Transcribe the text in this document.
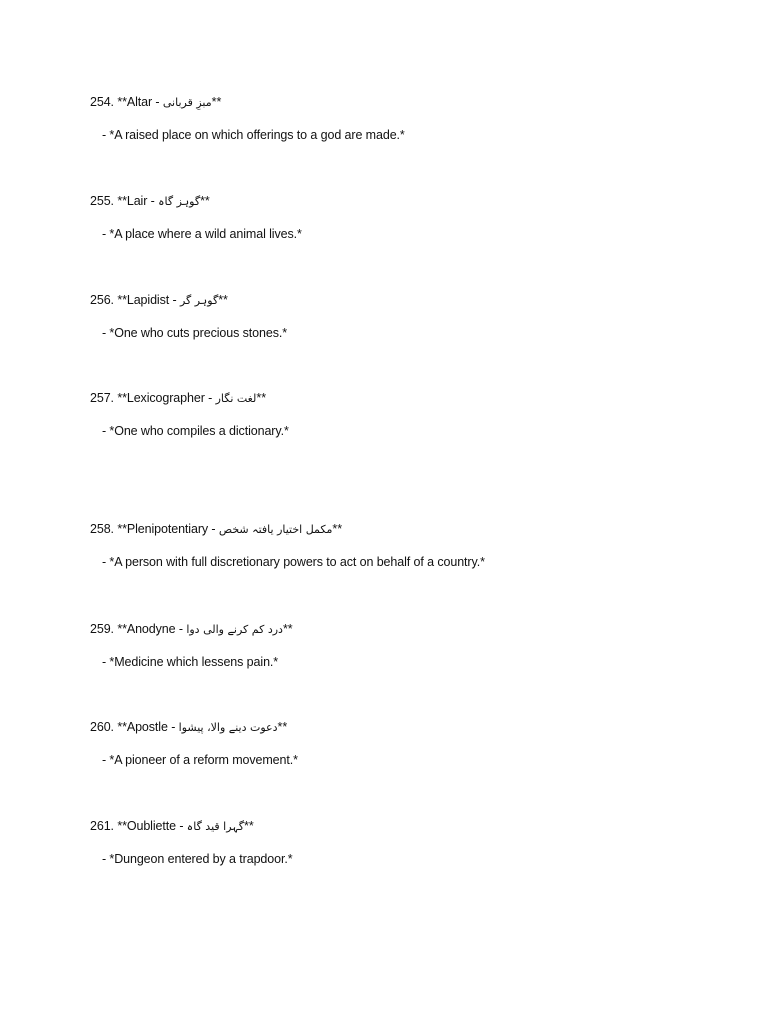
254. **Altar - مبزِ قربانی**
- *A raised place on which offerings to a god are made.*
255. **Lair - گوہز گاہ**
- *A place where a wild animal lives.*
256. **Lapidist - گوہر گر**
- *One who cuts precious stones.*
257. **Lexicographer - لغت نگار**
- *One who compiles a dictionary.*
258. **Plenipotentiary - مکمل اختیار یافتہ شخص**
- *A person with full discretionary powers to act on behalf of a country.*
259. **Anodyne - درد کم کرنے والی دوا**
- *Medicine which lessens pain.*
260. **Apostle - دعوت دینے والا، پیشوا**
- *A pioneer of a reform movement.*
261. **Oubliette - گہرا قید گاہ**
- *Dungeon entered by a trapdoor.*
